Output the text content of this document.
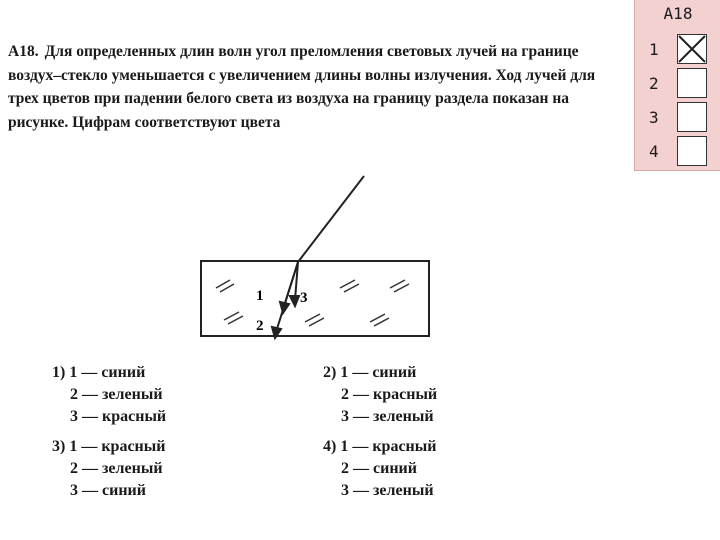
A18. Для определенных длин волн угол преломления световых лучей на границе воздух–стекло уменьшается с увеличением длины волны излучения. Ход лучей для трех цветов при падении белого света из воздуха на границу раздела показан на рисунке. Цифрам соответствуют цвета
1
2
3
1) 1 — синий
2 — зеленый
3 — красный
2) 1 — синий
2 — красный
3 — зеленый
3) 1 — красный
2 — зеленый
3 — синий
4) 1 — красный
2 — синий
3 — зеленый
A18
1
2
3
4
